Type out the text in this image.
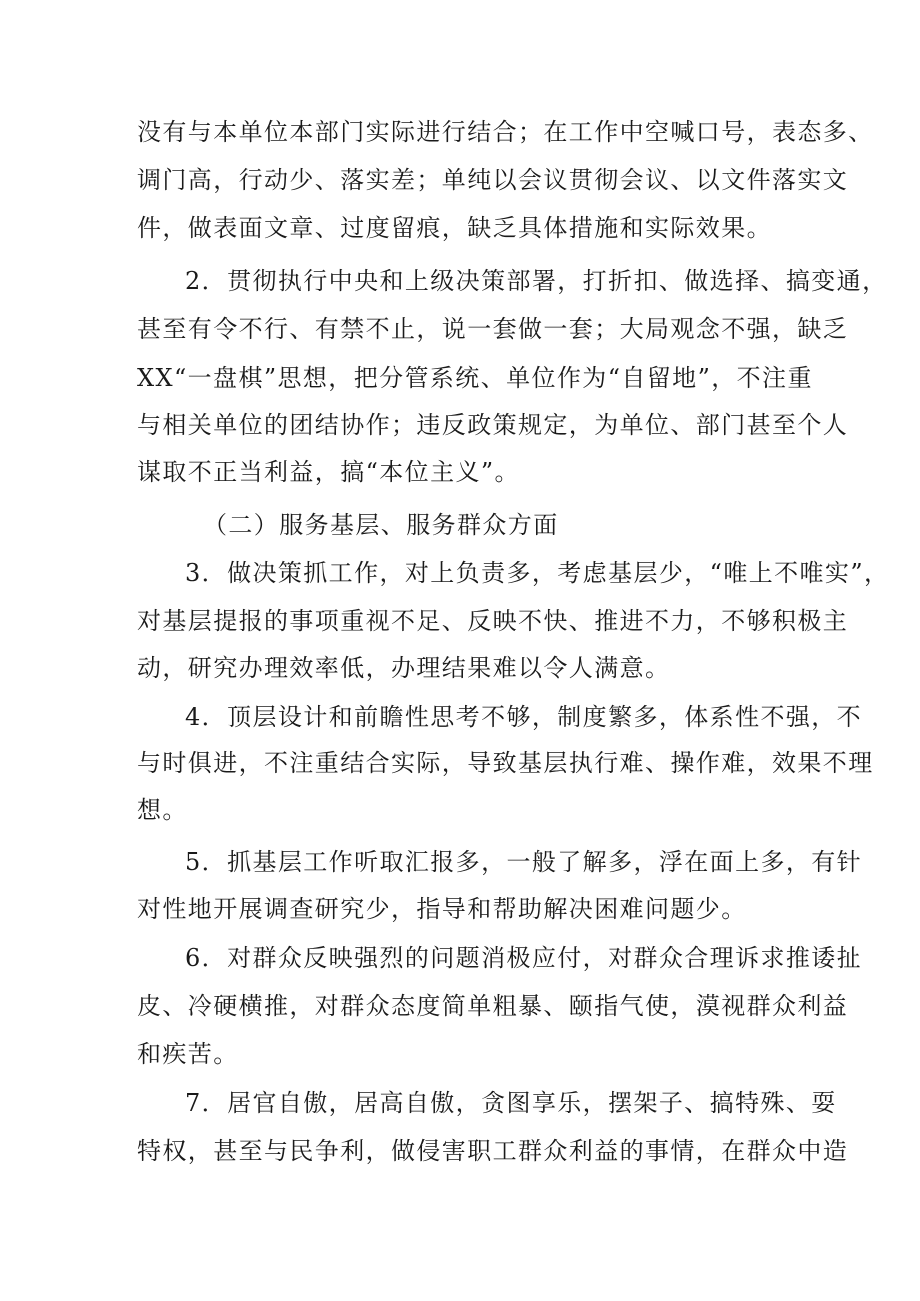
没有与本单位本部门实际进行结合；在工作中空喊口号，表态多、
调门高，行动少、落实差；单纯以会议贯彻会议、以文件落实文
件，做表面文章、过度留痕，缺乏具体措施和实际效果。
2．贯彻执行中央和上级决策部署，打折扣、做选择、搞变通，
甚至有令不行、有禁不止，说一套做一套；大局观念不强，缺乏
XX“一盘棋”思想，把分管系统、单位作为“自留地”，不注重
与相关单位的团结协作；违反政策规定，为单位、部门甚至个人
谋取不正当利益，搞“本位主义”。
（二）服务基层、服务群众方面
3．做决策抓工作，对上负责多，考虑基层少，“唯上不唯实”，
对基层提报的事项重视不足、反映不快、推进不力，不够积极主
动，研究办理效率低，办理结果难以令人满意。
4．顶层设计和前瞻性思考不够，制度繁多，体系性不强，不
与时俱进，不注重结合实际，导致基层执行难、操作难，效果不理
想。
5．抓基层工作听取汇报多，一般了解多，浮在面上多，有针
对性地开展调查研究少，指导和帮助解决困难问题少。
6．对群众反映强烈的问题消极应付，对群众合理诉求推诿扯
皮、冷硬横推，对群众态度简单粗暴、颐指气使，漠视群众利益
和疾苦。
7．居官自傲，居高自傲，贪图享乐，摆架子、搞特殊、耍
特权，甚至与民争利，做侵害职工群众利益的事情，在群众中造
